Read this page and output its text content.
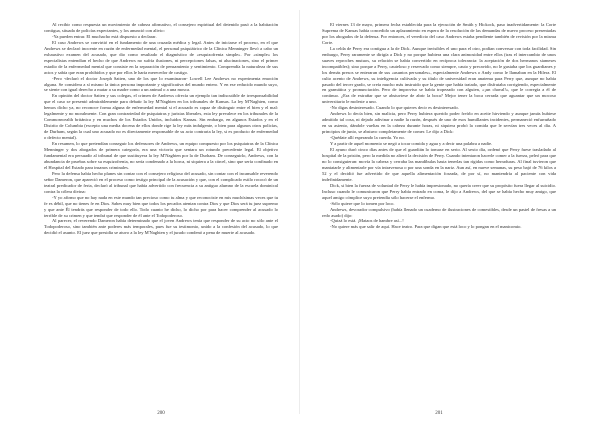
Al recibir como respuesta un movimiento de cabeza afirmativo, el consejero espiritual del detenido pasó a la habitación contigua, situada de policías expectantes, y los anunció con alivio:

-Ya pueden entrar. El muchacho está dispuesto a declarar.

El caso Andrews se convirtió en el fundamento de una cruzada médica y legal. Antes de iniciarse el proceso, en el que Andrews se declaró inocente en razón de enfermedad mental, el personal psiquiátrico de la Clínica Menninger llevó a cabo un exhaustivo examen del acusado, que dio como resultado el diagnóstico de «esquizofrenia simple». Por «simple» los especialistas entendían el hecho de que Andrews no sufría ilusiones, ni percepciones falsas, ni alucinaciones, sino el primer estadio de la enfermedad mental que consiste en la separación de pensamiento y sentimiento. Comprendía la naturaleza de sus actos y sabía que eran prohibidos y que por ellos le haría merecedor de castigo.

-Pero -declaró el doctor Joseph Satten, uno de los que lo examinaron- Lowell Lee Andrews no experimenta emoción alguna. Se considera a sí mismo la única persona importante y significativa del mundo entero. Y en ese reducido mundo suyo, se siente con igual derecho a matar a su madre como a un animal o a una mosca.

En opinión del doctor Satten y sus colegas, el crimen de Andrews ofrecía un ejemplo tan indiscutible de irresponsabilidad que el caso se presentó admirablemente para debatir la ley M'Naghten en los tribunales de Kansas. La ley M'Naghten, como hemos dicho ya, no reconoce forma alguna de enfermedad mental si el acusado es capaz de distinguir entre el bien y el mal: legalmente y no moralmente. Con gran contrariedad de psiquiatras y juristas liberales, esta ley prevalece en los tribunales de la Commonwealth británica y en muchos de los Estados Unidos, incluidos Kansas. Sin embargo, en algunos Estados y en el Distrito de Columbia (excepto una media docena de ellos donde rige la ley más indulgente, o bien para algunos otros policías, de Durham, según la cual uno acusado no es directamente responsable de su acto contraria la ley, si es producto de enfermedad o defecto mental).

En resumen, lo que pretendían conseguir los defensores de Andrews, un equipo compuesto por los psiquiatras de la Clínica Menninger y dos abogados de primera categoría, era una victoria que sentara un rotundo precedente legal. El objetivo fundamental era persuadir al tribunal de que sustituyera la ley M'Naghten por la de Durham. De conseguirlo, Andrews, con la abundancia de pruebas sobre su esquizofrenia, no sería condenado a la horca, ni siquiera a la cárcel, sino que sería confinado en el Hospital del Estado para insanos criminales.

Pero la defensa había hecho planes sin contar con el consejero religioso del acusado, sin contar con el incansable reverendo señor Dameron, que apareció en el proceso como testigo principal de la acusación y que, con el complicado estilo rococó de un teatral predicador de feria, declaró al tribunal que había advertido con frecuencia a su antiguo alumno de la escuela dominical contra la cólera divina:

-Y yo afirmo que no hay nada en este mundo tan precioso como tu alma y que reconociste en mis muchísimas veces que tu fe es débil, que no tienes fe en Dios. Sabes muy bien que todos los pecados atentan contra Dios y que Dios será tu juez supremo y que ante Él tendrás que responder de todo ello. Todo cuanto he dicho, lo dicho por para hacer comprender al acusado lo terrible de su crimen y que tendrá que responder de él ante el Todopoderoso.

Al parecer, el reverendo Dameron había determinado que el joven Andrews tenía que responder de su acto no sólo ante el Todopoderoso, sino también ante poderes más temporales, pues fue su testimonio, unido a la confesión del acusado, lo que decidió el asunto. El juez que presidía se atuvo a la ley M'Naghten y el jurado condenó a pena de muerte al acusado.

El viernes 13 de mayo, primera fecha establecida para la ejecución de Smith y Hickock, paso inadvertidamente: la Corte Suprema de Kansas había concedido un aplazamiento en espera de la resolución de las demandas de nuevo proceso presentadas por los abogados de la defensa. Por entonces, el veredicto del caso Andrews estaba pendiente también de revisión por la misma Corte.

La celda de Perry era contigua a la de Dick. Aunque invisibles el uno para el otro, podían conversar con toda facilidad. Sin embargo, Perry raramente se dirigía a Dick y no porque hubiera una clara animosidad entre ellos (tras el intercambio de unos suaves reproches mutuos, su relación se había convertido en recíproca tolerancia: la aceptación de dos hermanos siameses incompatibles); sino porque a Perry, cauteloso y reservado como siempre, cauto y precavido, no le gustaba que los guardianes y los demás presos se enteraran de sus «asuntos personales», especialmente Andrews o Andy como le llamaban en la Hilera. El culto acento de Andrews, su inteligencia cultivada y su título de universidad eran anatema para Perry que, aunque no había pasado del tercer grado, se creía mucho más instruido que la gente que había tratado, que disfrutaba corrigiendo, especialmente en gramática y pronunciación. Pero de improviso se había tropezado con alguien, «¡un chaval!», que le corregía a él de continuo. ¿Era de extrañar que se abstuviese de abrir la boca? Mejor tener la boca cerrada que aguantar que un mocoso universitario le moleste a uno.

-No digas desinteresado. Cuando lo que quieres decir es desinteresado.

Andrews lo decía bien, sin malicia, pero Perry hubiera querido poder freírlo en aceite hirviendo y aunque jamás hubiese admitido tal cosa, ni dejado adivinar a nadie la razón, después de uno de esos humillantes incidentes, permaneció enfurruñado en su asiento, dándole vueltas en la cabeza durante horas, ni siquiera probó la comida que le servían tres veces al día. A principios de junio, se abstuvo completamente de comer. Le dijo a Dick:

-Quédate allí esperando la cuerda. Yo no.

Y a partir de aquel momento se negó a tocar comida y agua y a decir una palabra a nadie.

El ayuno duró cinco días antes de que el guardián lo tomase en serio. Al sexto día, ordenó que Perry fuese trasladado al hospital de la prisión, pero la medida no alteró la decisión de Perry. Cuando intentaron hacerle comer a la fuerza, peleó para que no lo consiguieran: movía la cabeza y cerraba las mandíbulas hasta tenerlas tan rígidas como herraduras. Al final tuvieron que maniatarle y alimentarle por vía intravenosa o por una sonda en la nariz. Aun así, en nueve semanas, su peso bajó de 76 kilos a 52 y el decidió fue advertido de que aquella alimentación forzada, de por sí, no mantendría al paciente con vida indefinidamente.

Dick, si bien la fuerza de voluntad de Perry le había impresionado, no quería creer que su propósito fuera llegar al suicidio. Incluso cuando le comunicaron que Perry había entrado en coma, le dijo a Andrews, del que se había hecho muy amigo, que aquel amigo cómplice suyo pretendía sólo hacerse el enfermo.

-Sólo quiere que lo tomen por loco.

Andrews, devorador compulsivo (había llenado un cuaderno de ilustraciones de comestibles, desde un pastel de fresas a un redo asado) dijo:

-Quizá lo está. ¡Mataos de hambre así...!

-No quiere más que salir de aquí. Hace teatro. Para que digan que está loco y lo pongan en el manicomio.

200	201
